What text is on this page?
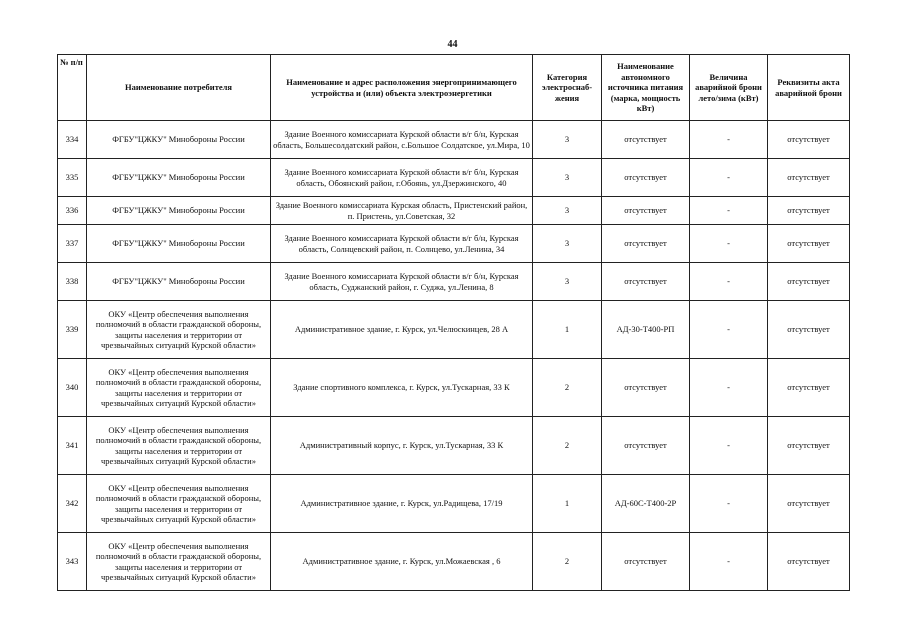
44
№ п/п	Наименование потребителя	Наименование и адрес расположения энергопринимающего устройства и (или) объекта электроэнергетики	Категория электроснаб-жения	Наименование автономного источника питания (марка, мощность кВт)	Величина аварийной брони лето/зима (кВт)	Реквизиты акта аварийной брони
334	ФГБУ"ЦЖКУ" Минобороны России	Здание Военного комиссариата Курской области в/г б/н, Курская область, Большесолдатский район, с.Большое Солдатское, ул.Мира, 10	3	отсутствует	-	отсутствует
335	ФГБУ"ЦЖКУ" Минобороны России	Здание Военного комиссариата Курской области в/г б/н, Курская область, Обоянский район, г.Обоянь, ул.Дзержинского, 40	3	отсутствует	-	отсутствует
336	ФГБУ"ЦЖКУ" Минобороны России	Здание Военного комиссариата Курская область, Пристенский район, п. Пристень, ул.Советская, 32	3	отсутствует	-	отсутствует
337	ФГБУ"ЦЖКУ" Минобороны России	Здание Военного комиссариата Курской области в/г б/н, Курская область, Солнцевский район, п. Солнцево, ул.Ленина, 34	3	отсутствует	-	отсутствует
338	ФГБУ"ЦЖКУ" Минобороны России	Здание Военного комиссариата Курской области в/г б/н, Курская область, Суджанский район, г. Суджа, ул.Ленина, 8	3	отсутствует	-	отсутствует
339	ОКУ «Центр обеспечения выполнения полномочий в области гражданской обороны, защиты населения и территории от чрезвычайных ситуаций Курской области»	Административное здание, г. Курск, ул.Челюскинцев, 28 А	1	АД-30-Т400-РП	-	отсутствует
340	ОКУ «Центр обеспечения выполнения полномочий в области гражданской обороны, защиты населения и территории от чрезвычайных ситуаций Курской области»	Здание спортивного комплекса, г. Курск, ул.Тускарная, 33 К	2	отсутствует	-	отсутствует
341	ОКУ «Центр обеспечения выполнения полномочий в области гражданской обороны, защиты населения и территории от чрезвычайных ситуаций Курской области»	Административный корпус, г. Курск, ул.Тускарная, 33 К	2	отсутствует	-	отсутствует
342	ОКУ «Центр обеспечения выполнения полномочий в области гражданской обороны, защиты населения и территории от чрезвычайных ситуаций Курской области»	Административное здание, г. Курск, ул.Радищева, 17/19	1	АД-60С-Т400-2Р	-	отсутствует
343	ОКУ «Центр обеспечения выполнения полномочий в области гражданской обороны, защиты населения и территории от чрезвычайных ситуаций Курской области»	Административное здание, г. Курск, ул.Можаевская , 6	2	отсутствует	-	отсутствует
